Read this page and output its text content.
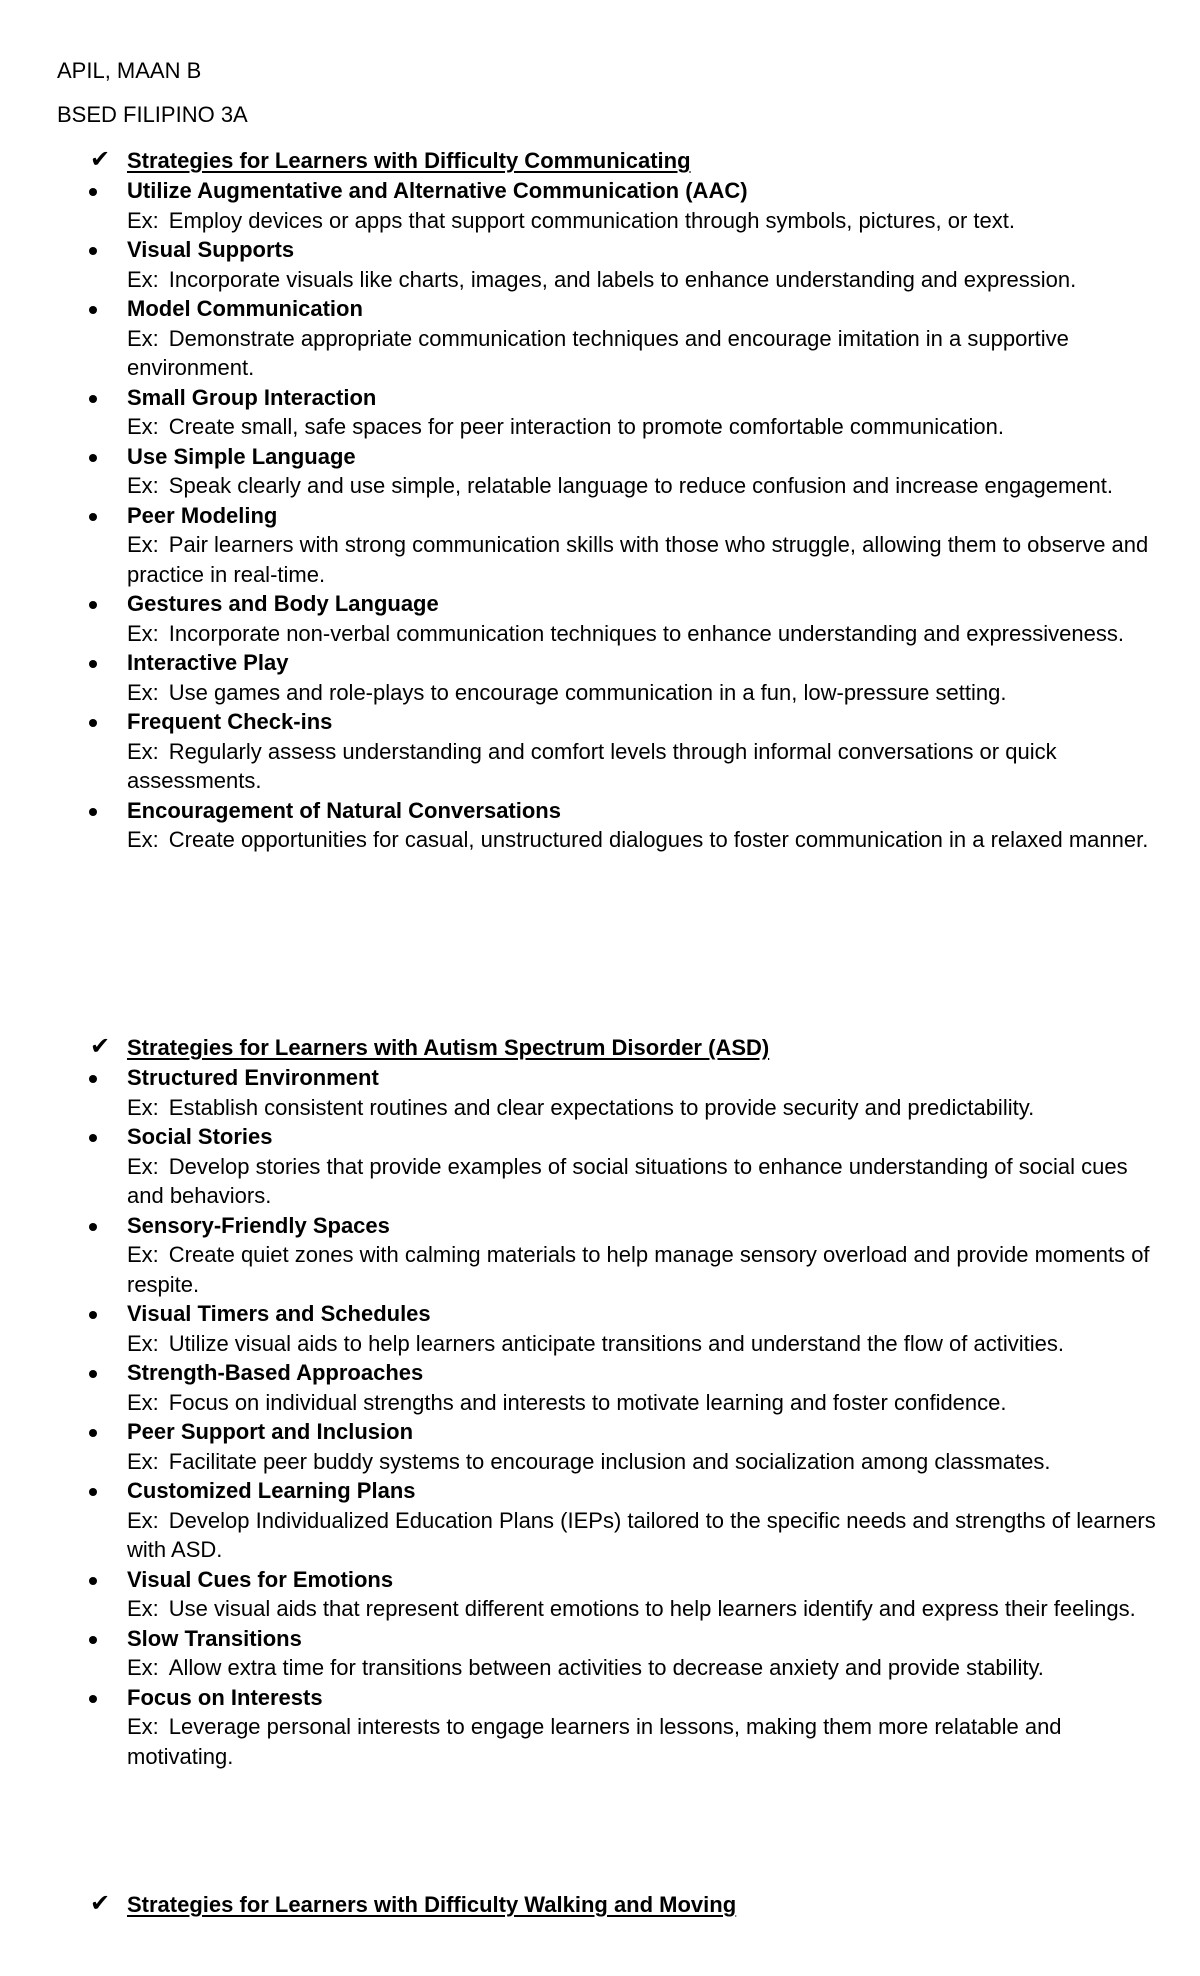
APIL, MAAN B

BSED FILIPINO 3A

✔ Strategies for Learners with Difficulty Communicating

Utilize Augmentative and Alternative Communication (AAC)
Ex: Employ devices or apps that support communication through symbols, pictures, or text.
Visual Supports
Ex: Incorporate visuals like charts, images, and labels to enhance understanding and expression.
Model Communication
Ex: Demonstrate appropriate communication techniques and encourage imitation in a supportive environment.
Small Group Interaction
Ex: Create small, safe spaces for peer interaction to promote comfortable communication.
Use Simple Language
Ex: Speak clearly and use simple, relatable language to reduce confusion and increase engagement.
Peer Modeling
Ex: Pair learners with strong communication skills with those who struggle, allowing them to observe and practice in real-time.
Gestures and Body Language
Ex: Incorporate non-verbal communication techniques to enhance understanding and expressiveness.
Interactive Play
Ex: Use games and role-plays to encourage communication in a fun, low-pressure setting.
Frequent Check-ins
Ex: Regularly assess understanding and comfort levels through informal conversations or quick assessments.
Encouragement of Natural Conversations
Ex: Create opportunities for casual, unstructured dialogues to foster communication in a relaxed manner.

✔ Strategies for Learners with Autism Spectrum Disorder (ASD)

Structured Environment
Ex: Establish consistent routines and clear expectations to provide security and predictability.
Social Stories
Ex: Develop stories that provide examples of social situations to enhance understanding of social cues and behaviors.
Sensory-Friendly Spaces
Ex: Create quiet zones with calming materials to help manage sensory overload and provide moments of respite.
Visual Timers and Schedules
Ex: Utilize visual aids to help learners anticipate transitions and understand the flow of activities.
Strength-Based Approaches
Ex: Focus on individual strengths and interests to motivate learning and foster confidence.
Peer Support and Inclusion
Ex: Facilitate peer buddy systems to encourage inclusion and socialization among classmates.
Customized Learning Plans
Ex: Develop Individualized Education Plans (IEPs) tailored to the specific needs and strengths of learners with ASD.
Visual Cues for Emotions
Ex: Use visual aids that represent different emotions to help learners identify and express their feelings.
Slow Transitions
Ex: Allow extra time for transitions between activities to decrease anxiety and provide stability.
Focus on Interests
Ex: Leverage personal interests to engage learners in lessons, making them more relatable and motivating.

✔ Strategies for Learners with Difficulty Walking and Moving
